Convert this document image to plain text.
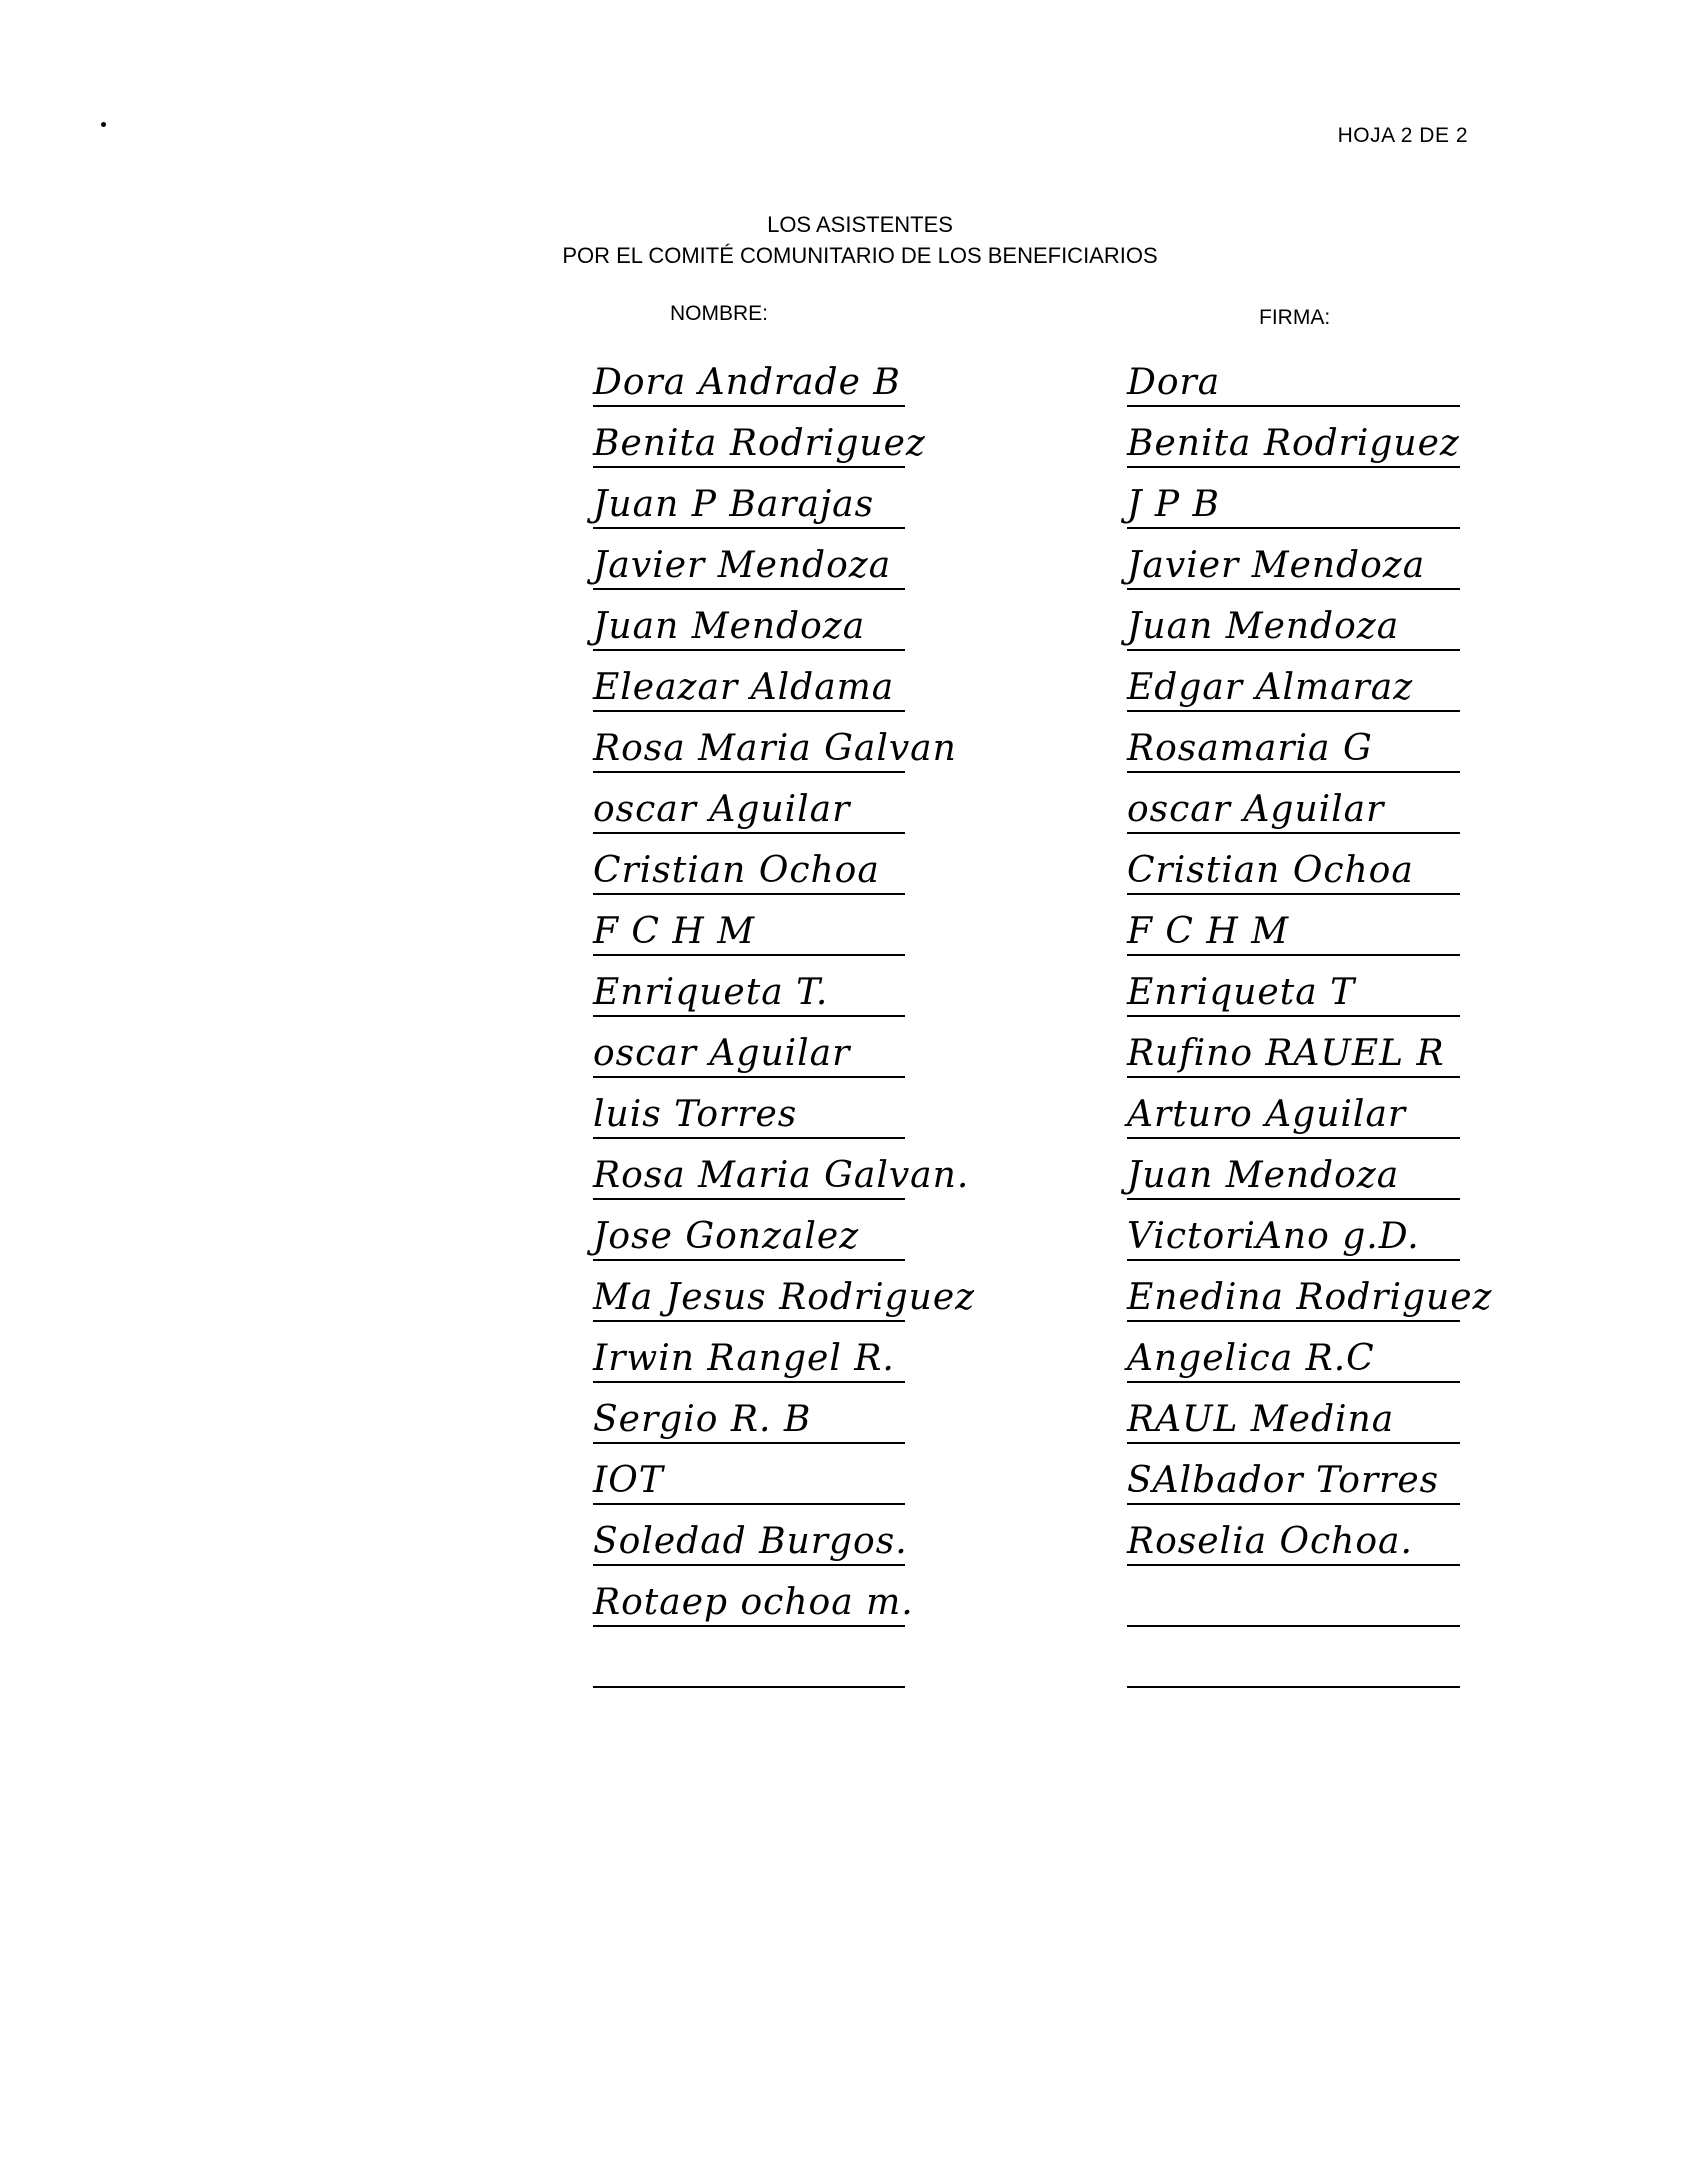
HOJA 2 DE 2
LOS ASISTENTES
POR EL COMITÉ COMUNITARIO DE LOS BENEFICIARIOS
NOMBRE:	FIRMA:
Dora Andrade B
Benita Rodriguez
Juan P Barajas
Javier Mendoza
Juan Mendoza
Eleazar Aldama
Rosa Maria Galvan
oscar Aguilar
Cristian Ochoa
F C H M
Enriqueta T.
oscar Aguilar
luis Torres
Rosa Maria Galvan.
Jose Gonzalez
Ma Jesus Rodriguez
Irwin Rangel R.
Sergio R. B
IOT
Soledad Burgos.
Rotaep ochoa m.
Dora
Benita Rodriguez
J P B
Javier Mendoza
Juan Mendoza
Edgar Almaraz
Rosamaria G
oscar Aguilar
Cristian Ochoa
F C H M
Enriqueta T
Rufino RAUEL R
Arturo Aguilar
Juan Mendoza
VictoriAno g.D.
Enedina Rodriguez
Angelica R.C
RAUL Medina
SAlbador Torres
Roselia Ochoa.
